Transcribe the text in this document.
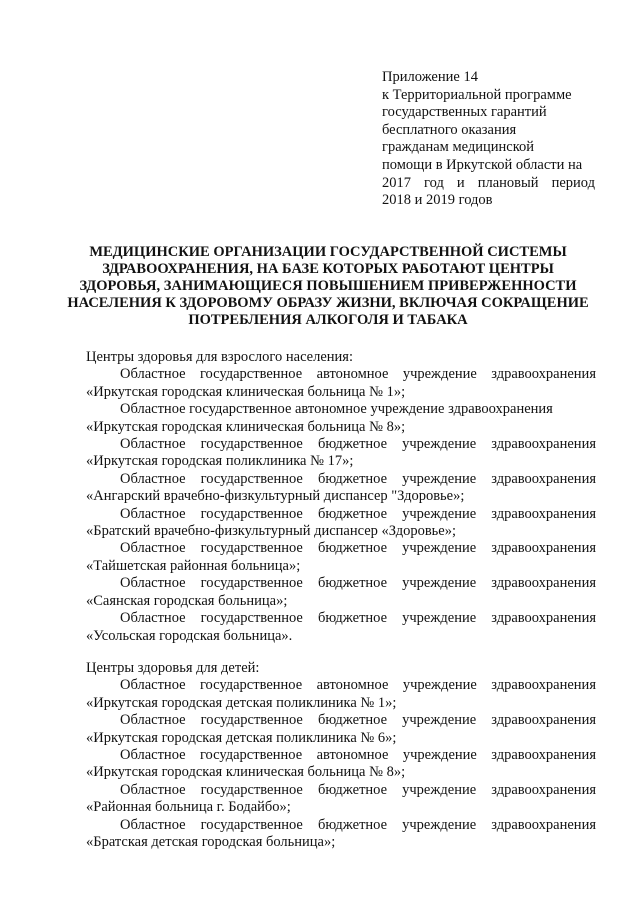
Приложение 14
к Территориальной программе
государственных гарантий
бесплатного оказания
гражданам медицинской
помощи в Иркутской области на
2017 год и плановый период
2018 и 2019 годов
МЕДИЦИНСКИЕ ОРГАНИЗАЦИИ ГОСУДАРСТВЕННОЙ СИСТЕМЫ
ЗДРАВООХРАНЕНИЯ, НА БАЗЕ КОТОРЫХ РАБОТАЮТ ЦЕНТРЫ
ЗДОРОВЬЯ, ЗАНИМАЮЩИЕСЯ ПОВЫШЕНИЕМ ПРИВЕРЖЕННОСТИ
НАСЕЛЕНИЯ К ЗДОРОВОМУ ОБРАЗУ ЖИЗНИ, ВКЛЮЧАЯ СОКРАЩЕНИЕ
ПОТРЕБЛЕНИЯ АЛКОГОЛЯ И ТАБАКА
Центры здоровья для взрослого населения:
Областное государственное автономное учреждение здравоохранения
«Иркутская городская клиническая больница № 1»;
Областное государственное автономное учреждение здравоохранения
«Иркутская городская клиническая больница № 8»;
Областное государственное бюджетное учреждение здравоохранения
«Иркутская городская поликлиника № 17»;
Областное государственное бюджетное учреждение здравоохранения
«Ангарский врачебно-физкультурный диспансер "Здоровье»;
Областное государственное бюджетное учреждение здравоохранения
«Братский врачебно-физкультурный диспансер «Здоровье»;
Областное государственное бюджетное учреждение здравоохранения
«Тайшетская районная больница»;
Областное государственное бюджетное учреждение здравоохранения
«Саянская городская больница»;
Областное государственное бюджетное учреждение здравоохранения
«Усольская городская больница».
Центры здоровья для детей:
Областное государственное автономное учреждение здравоохранения
«Иркутская городская детская поликлиника № 1»;
Областное государственное бюджетное учреждение здравоохранения
«Иркутская городская детская поликлиника № 6»;
Областное государственное автономное учреждение здравоохранения
«Иркутская городская клиническая больница № 8»;
Областное государственное бюджетное учреждение здравоохранения
«Районная больница г. Бодайбо»;
Областное государственное бюджетное учреждение здравоохранения
«Братская детская городская больница»;
